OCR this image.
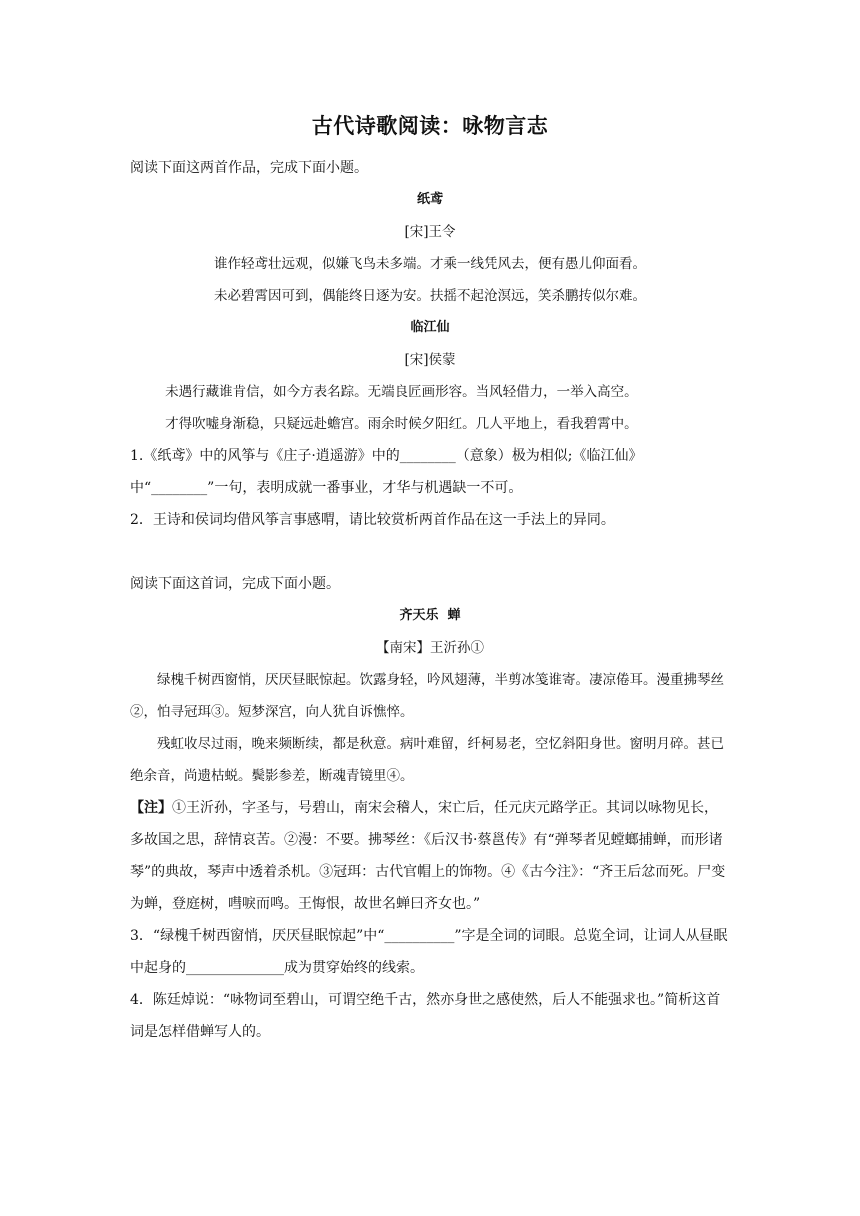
古代诗歌阅读：咏物言志

阅读下面这两首作品，完成下面小题。

纸鸢

[宋]王令

谁作轻鸢壮远观，似嫌飞鸟未多端。才乘一线凭风去，便有愚儿仰面看。

未必碧霄因可到，偶能终日逐为安。扶摇不起沧溟远，笑杀鹏抟似尔难。

临江仙

[宋]侯蒙

未遇行藏谁肯信，如今方表名踪。无端良匠画形容。当风轻借力，一举入高空。

才得吹嘘身渐稳，只疑远赴蟾宫。雨余时候夕阳红。几人平地上，看我碧霄中。

1.《纸鸢》中的风筝与《庄子·逍遥游》中的________（意象）极为相似;《临江仙》中“________”一句，表明成就一番事业，才华与机遇缺一不可。

2．王诗和侯词均借风筝言事感喟，请比较赏析两首作品在这一手法上的异同。

阅读下面这首词，完成下面小题。

齐天乐  蝉

【南宋】王沂孙①

绿槐千树西窗悄，厌厌昼眠惊起。饮露身轻，吟风翅薄，半剪冰笺谁寄。凄凉倦耳。漫重拂琴丝②，怕寻冠珥③。短梦深宫，向人犹自诉憔悴。

残虹收尽过雨，晚来频断续，都是秋意。病叶难留，纤柯易老，空忆斜阳身世。窗明月碎。甚已绝余音，尚遗枯蜕。鬓影参差，断魂青镜里④。

【注】①王沂孙，字圣与，号碧山，南宋会稽人，宋亡后，任元庆元路学正。其词以咏物见长，多故国之思，辞情哀苦。②漫：不要。拂琴丝：《后汉书·蔡邕传》有“弹琴者见螳螂捕蝉，而形诸琴”的典故，琴声中透着杀机。③冠珥：古代官帽上的饰物。④《古今注》：“齐王后忿而死。尸变为蝉，登庭树，嘒唳而鸣。王悔恨，故世名蝉曰齐女也。”

3．“绿槐千树西窗悄，厌厌昼眠惊起”中“__________”字是全词的词眼。总览全词，让词人从昼眠中起身的______________成为贯穿始终的线索。

4．陈廷焯说：“咏物词至碧山，可谓空绝千古，然亦身世之感使然，后人不能强求也。”简析这首词是怎样借蝉写人的。
